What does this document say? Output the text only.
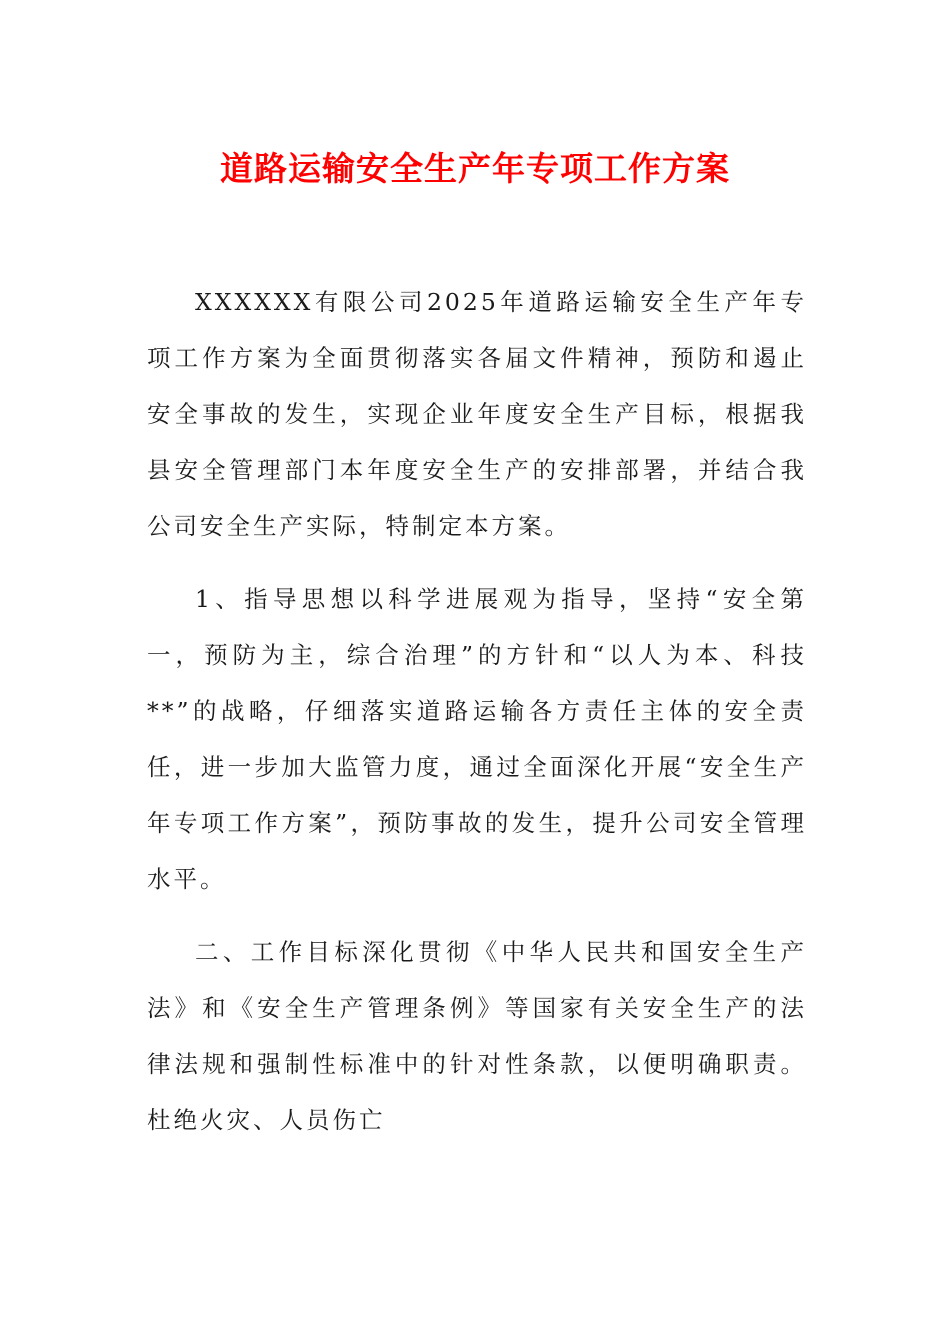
道路运输安全生产年专项工作方案

XXXXXX有限公司2025年道路运输安全生产年专项工作方案为全面贯彻落实各届文件精神，预防和遏止安全事故的发生，实现企业年度安全生产目标，根据我县安全管理部门本年度安全生产的安排部署，并结合我公司安全生产实际，特制定本方案。

1、指导思想以科学进展观为指导，坚持“安全第一，预防为主，综合治理”的方针和“以人为本、科技**”的战略，仔细落实道路运输各方责任主体的安全责任，进一步加大监管力度，通过全面深化开展“安全生产年专项工作方案”，预防事故的发生，提升公司安全管理水平。

二、工作目标深化贯彻《中华人民共和国安全生产法》和《安全生产管理条例》等国家有关安全生产的法律法规和强制性标准中的针对性条款，以便明确职责。杜绝火灾、人员伤亡
